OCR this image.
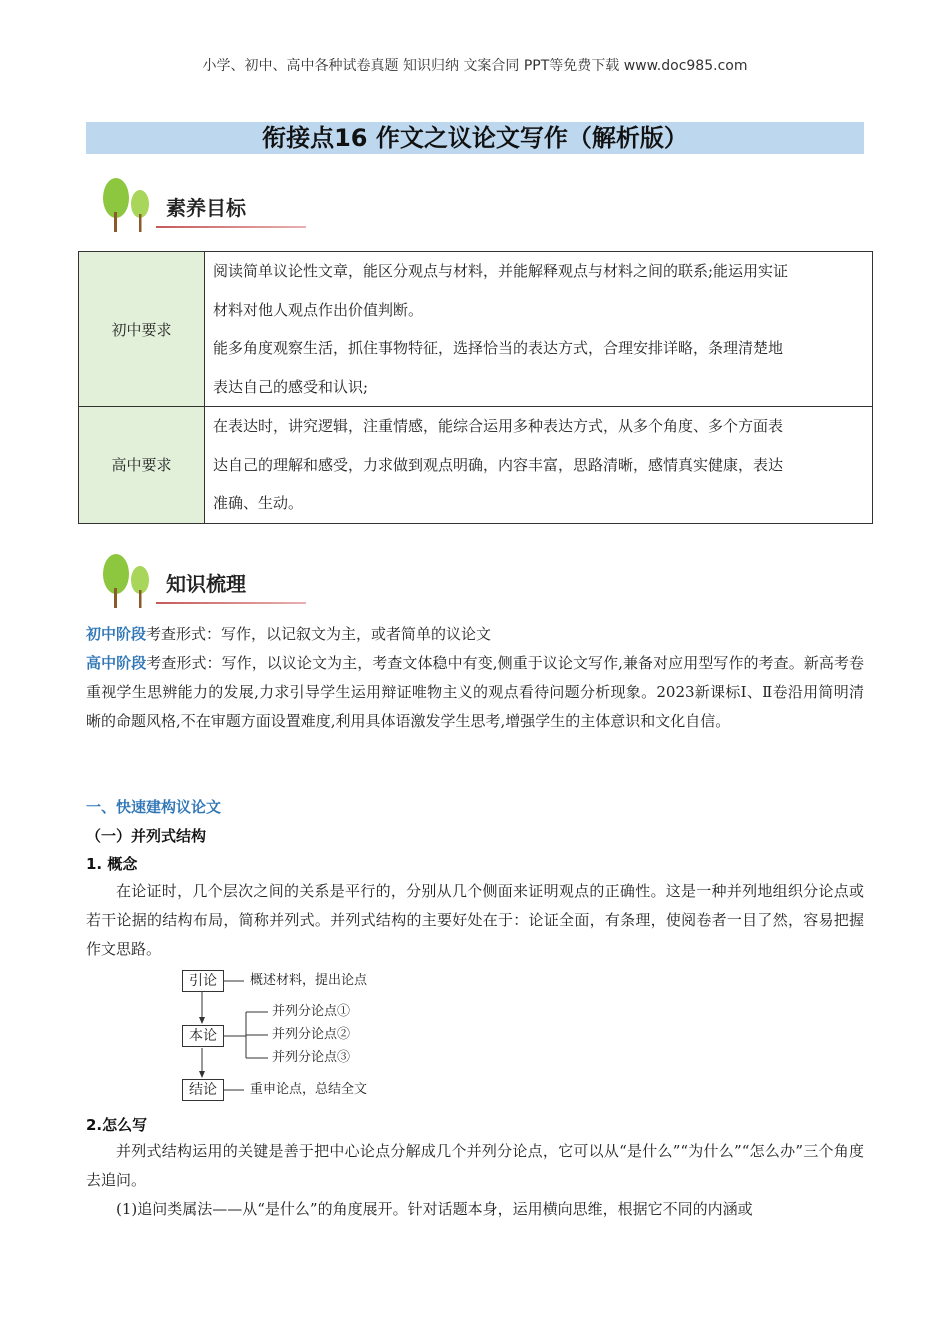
小学、初中、高中各种试卷真题 知识归纳 文案合同 PPT等免费下载 www.doc985.com
衔接点16 作文之议论文写作（解析版）
素养目标
初中要求	阅读简单议论性文章，能区分观点与材料，并能解释观点与材料之间的联系;能运用实证
材料对他人观点作出价值判断。
能多角度观察生活，抓住事物特征，选择恰当的表达方式，合理安排详略，条理清楚地
表达自己的感受和认识;

高中要求	在表达时，讲究逻辑，注重情感，能综合运用多种表达方式，从多个角度、多个方面表
达自己的理解和感受，力求做到观点明确，内容丰富，思路清晰，感情真实健康，表达
准确、生动。
知识梳理
初中阶段考查形式：写作，以记叙文为主，或者简单的议论文
高中阶段考查形式：写作，以议论文为主，考查文体稳中有变,侧重于议论文写作,兼备对应用型写作的考查。新高考卷重视学生思辨能力的发展,力求引导学生运用辩证唯物主义的观点看待问题分析现象。2023新课标Ⅰ、Ⅱ卷沿用简明清晰的命题风格,不在审题方面设置难度,利用具体语激发学生思考,增强学生的主体意识和文化自信。
一、快速建构议论文
（一）并列式结构
1. 概念
在论证时，几个层次之间的关系是平行的，分别从几个侧面来证明观点的正确性。这是一种并列地组织分论点或若干论据的结构布局，简称并列式。并列式结构的主要好处在于：论证全面，有条理，使阅卷者一目了然，容易把握作文思路。
引论	概述材料，提出论点
本论
并列分论点①
并列分论点②
并列分论点③
结论	重申论点，总结全文
2.怎么写
并列式结构运用的关键是善于把中心论点分解成几个并列分论点，它可以从“是什么”“为什么”“怎么办”三个角度去追问。
(1)追问类属法——从“是什么”的角度展开。针对话题本身，运用横向思维，根据它不同的内涵或
